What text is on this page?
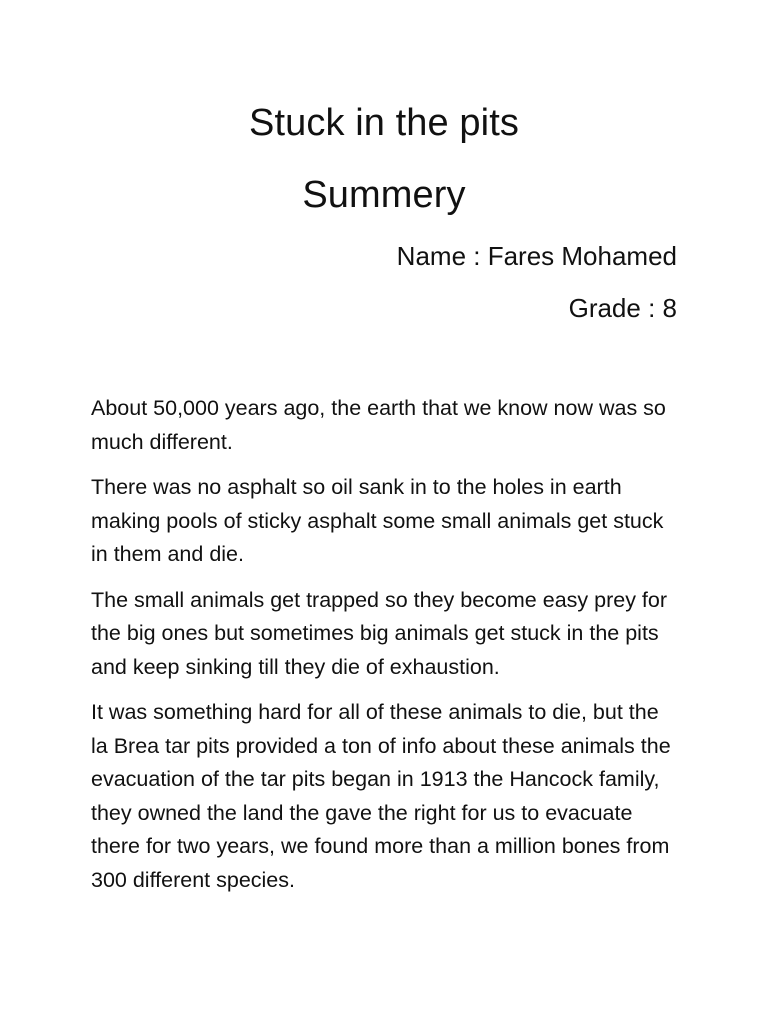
Stuck in the pits
Summery
Name : Fares Mohamed
Grade : 8

About 50,000 years ago, the earth that we know now was so much different.

There was no asphalt so oil sank in to the holes in earth making pools of sticky asphalt some small animals get stuck in them and die.

The small animals get trapped so they become easy prey for the big ones but sometimes big animals get stuck in the pits and keep sinking till they die of exhaustion.

It was something hard for all of these animals to die, but the la Brea tar pits provided a ton of info about these animals the evacuation of the tar pits began in 1913 the Hancock family, they owned the land the gave the right for us to evacuate there for two years, we found more than a million bones from 300 different species.
